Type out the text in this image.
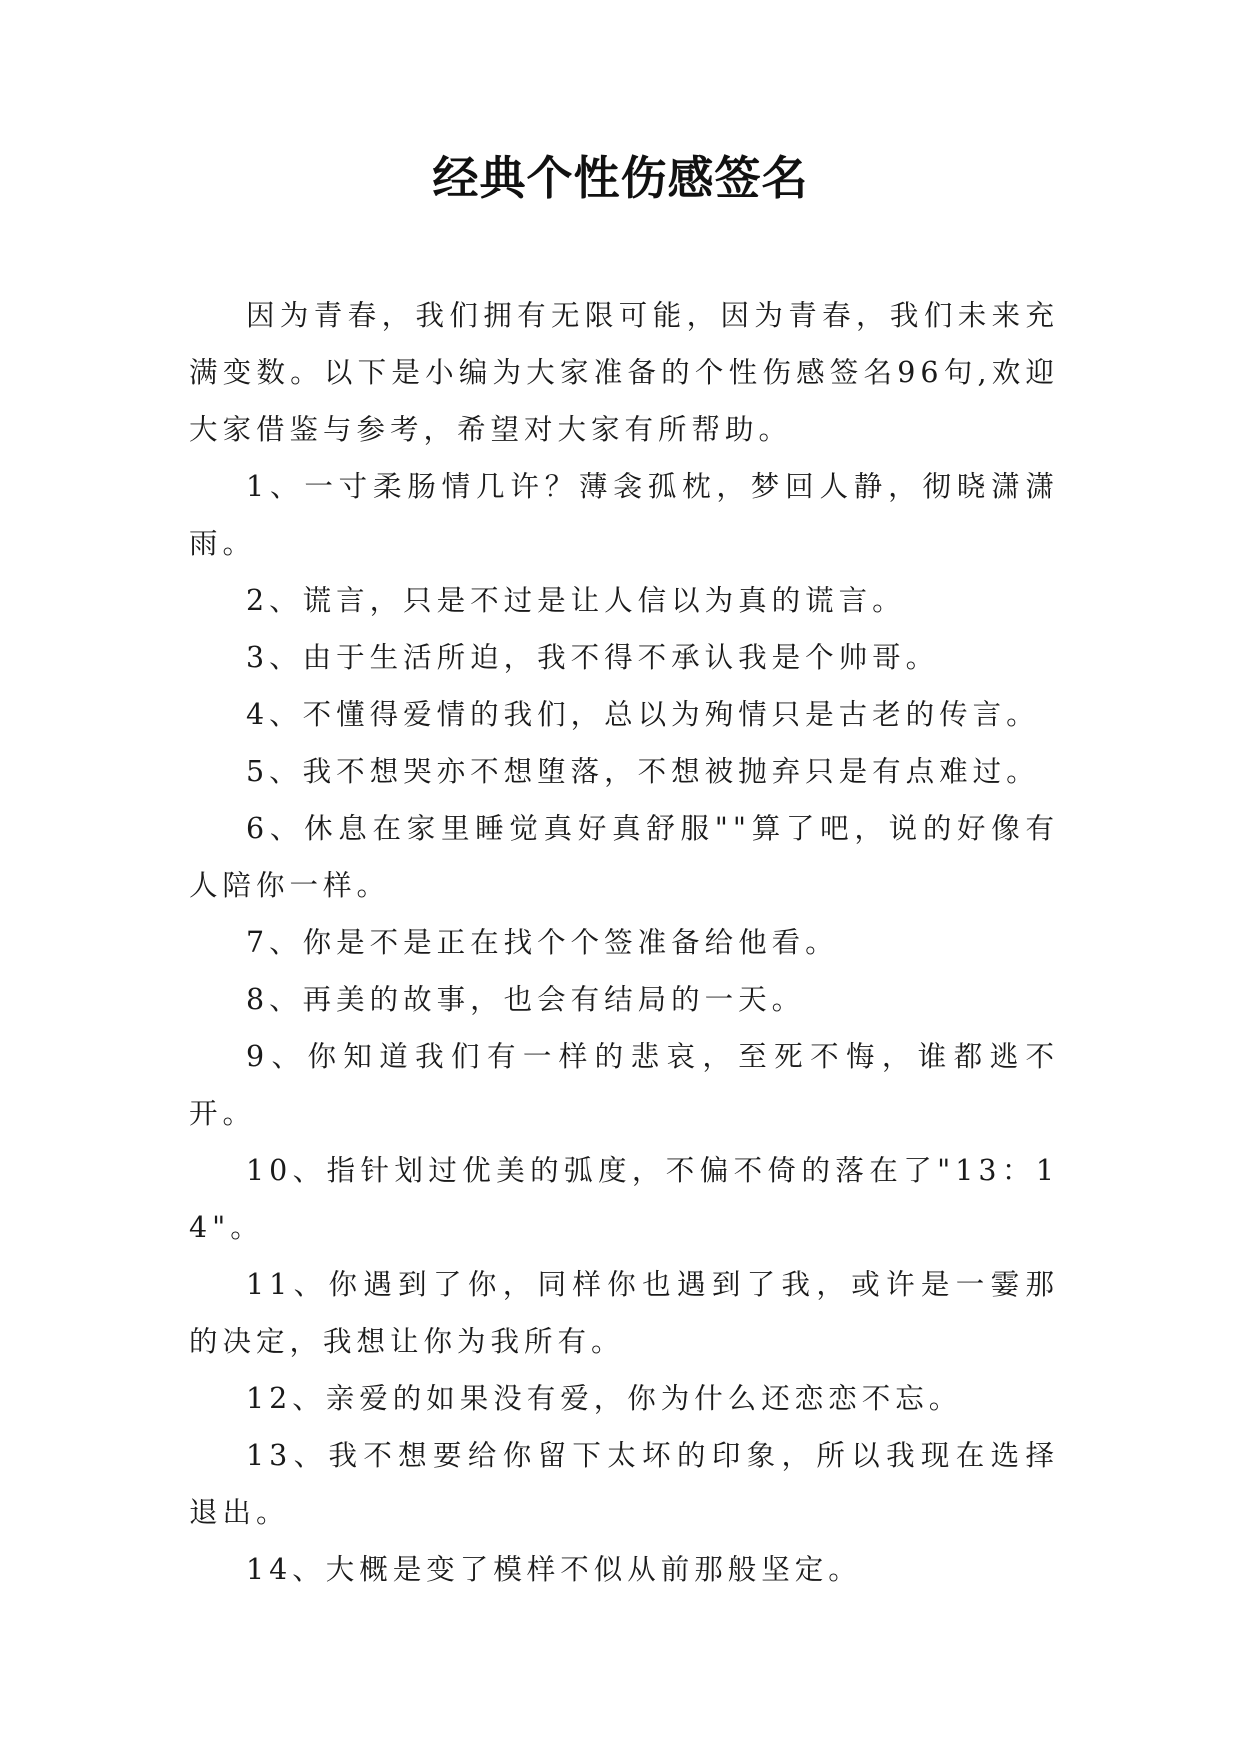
经典个性伤感签名

因为青春，我们拥有无限可能，因为青春，我们未来充满变数。以下是小编为大家准备的个性伤感签名96句,欢迎大家借鉴与参考，希望对大家有所帮助。

1、一寸柔肠情几许？薄衾孤枕，梦回人静，彻晓潇潇雨。

2、谎言，只是不过是让人信以为真的谎言。

3、由于生活所迫，我不得不承认我是个帅哥。

4、不懂得爱情的我们，总以为殉情只是古老的传言。

5、我不想哭亦不想堕落，不想被抛弃只是有点难过。

6、休息在家里睡觉真好真舒服""算了吧，说的好像有人陪你一样。

7、你是不是正在找个个签准备给他看。

8、再美的故事，也会有结局的一天。

9、你知道我们有一样的悲哀，至死不悔，谁都逃不开。

10、指针划过优美的弧度，不偏不倚的落在了"13：14"。

11、你遇到了你，同样你也遇到了我，或许是一霎那的决定，我想让你为我所有。

12、亲爱的如果没有爱，你为什么还恋恋不忘。

13、我不想要给你留下太坏的印象，所以我现在选择退出。

14、大概是变了模样不似从前那般坚定。
